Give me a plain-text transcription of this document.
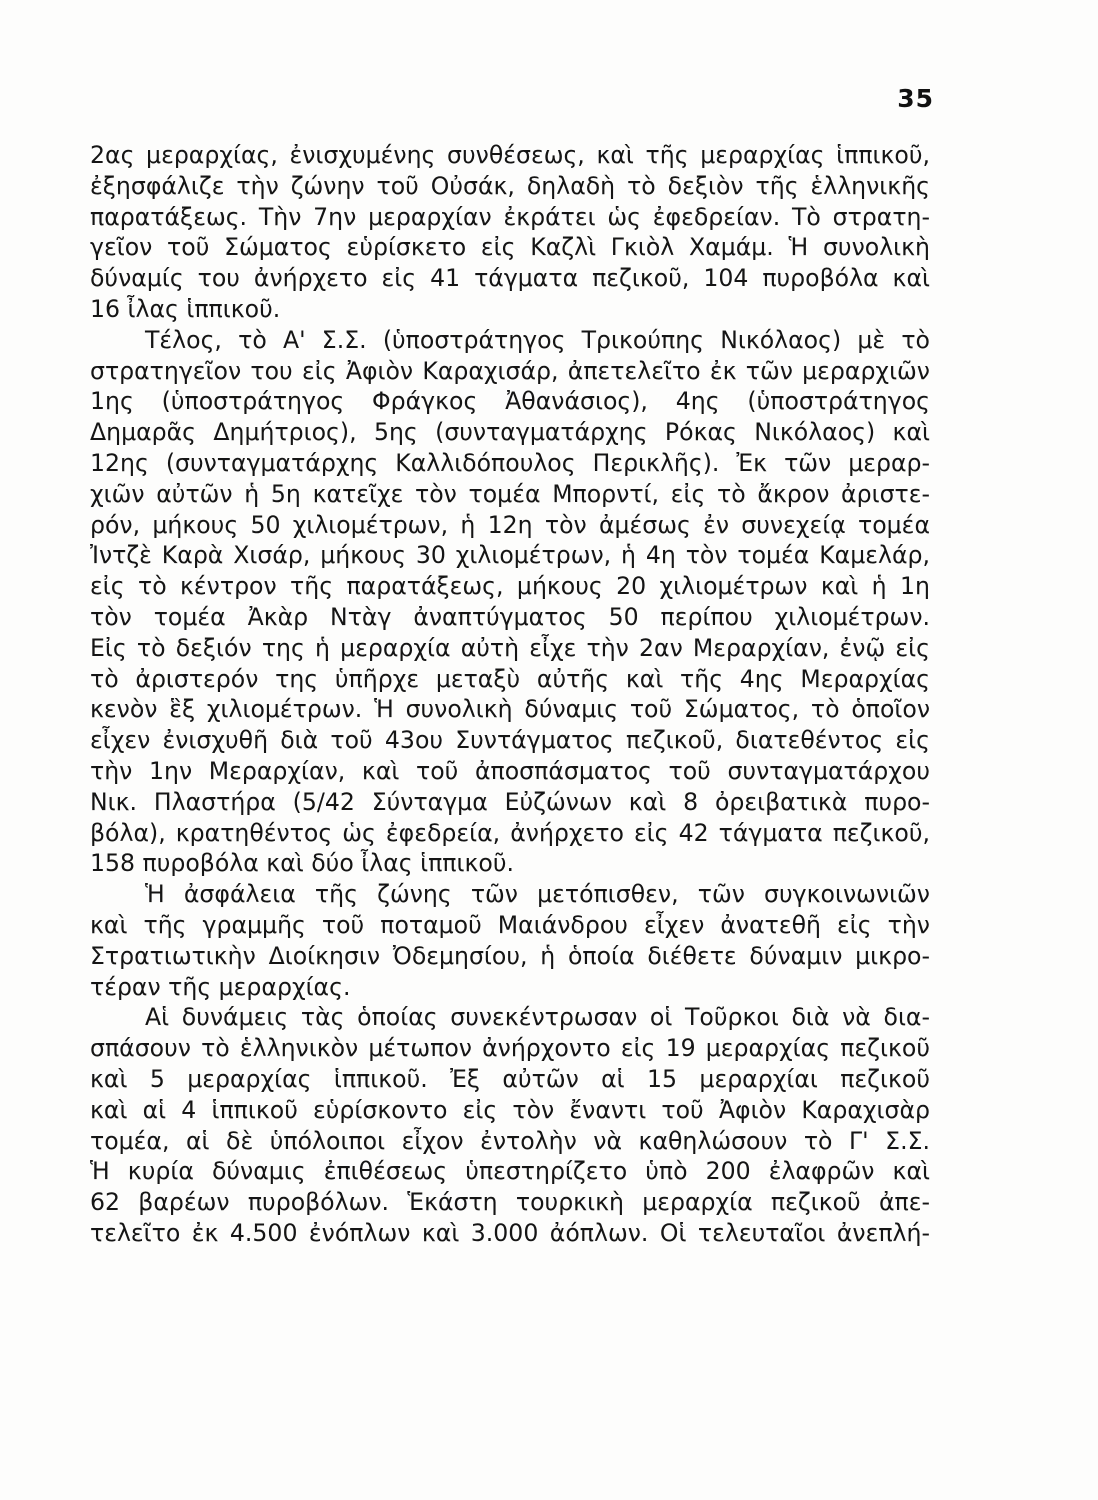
35
2ας μεραρχίας, ἐνισχυμένης συνθέσεως, καὶ τῆς μεραρχίας ἱππικοῦ,
ἐξησφάλιζε τὴν ζώνην τοῦ Οὐσάκ, δηλαδὴ τὸ δεξιὸν τῆς ἑλληνικῆς
παρατάξεως. Τὴν 7ην μεραρχίαν ἐκράτει ὡς ἐφεδρείαν. Τὸ στρατη-
γεῖον τοῦ Σώματος εὑρίσκετο εἰς Καζλὶ Γκιὸλ Χαμάμ. Ἡ συνολικὴ
δύναμίς του ἀνήρχετο εἰς 41 τάγματα πεζικοῦ, 104 πυροβόλα καὶ
16 ἶλας ἱππικοῦ.
Τέλος, τὸ Α' Σ.Σ. (ὑποστράτηγος Τρικούπης Νικόλαος) μὲ τὸ
στρατηγεῖον του εἰς Ἀφιὸν Καραχισάρ, ἀπετελεῖτο ἐκ τῶν μεραρχιῶν
1ης (ὑποστράτηγος Φράγκος Ἀθανάσιος), 4ης (ὑποστράτηγος
Δημαρᾶς Δημήτριος), 5ης (συνταγματάρχης Ρόκας Νικόλαος) καὶ
12ης (συνταγματάρχης Καλλιδόπουλος Περικλῆς). Ἐκ τῶν μεραρ-
χιῶν αὐτῶν ἡ 5η κατεῖχε τὸν τομέα Μπορντί, εἰς τὸ ἄκρον ἀριστε-
ρόν, μήκους 50 χιλιομέτρων, ἡ 12η τὸν ἀμέσως ἐν συνεχείᾳ τομέα
Ἰντζὲ Καρὰ Χισάρ, μήκους 30 χιλιομέτρων, ἡ 4η τὸν τομέα Καμελάρ,
εἰς τὸ κέντρον τῆς παρατάξεως, μήκους 20 χιλιομέτρων καὶ ἡ 1η
τὸν τομέα Ἀκὰρ Ντὰγ ἀναπτύγματος 50 περίπου χιλιομέτρων.
Εἰς τὸ δεξιόν της ἡ μεραρχία αὐτὴ εἶχε τὴν 2αν Μεραρχίαν, ἐνῷ εἰς
τὸ ἀριστερόν της ὑπῆρχε μεταξὺ αὐτῆς καὶ τῆς 4ης Μεραρχίας
κενὸν ἓξ χιλιομέτρων. Ἡ συνολικὴ δύναμις τοῦ Σώματος, τὸ ὁποῖον
εἶχεν ἐνισχυθῆ διὰ τοῦ 43ου Συντάγματος πεζικοῦ, διατεθέντος εἰς
τὴν 1ην Μεραρχίαν, καὶ τοῦ ἀποσπάσματος τοῦ συνταγματάρχου
Νικ. Πλαστήρα (5/42 Σύνταγμα Εὐζώνων καὶ 8 ὀρειβατικὰ πυρο-
βόλα), κρατηθέντος ὡς ἐφεδρεία, ἀνήρχετο εἰς 42 τάγματα πεζικοῦ,
158 πυροβόλα καὶ δύο ἶλας ἱππικοῦ.
Ἡ ἀσφάλεια τῆς ζώνης τῶν μετόπισθεν, τῶν συγκοινωνιῶν
καὶ τῆς γραμμῆς τοῦ ποταμοῦ Μαιάνδρου εἶχεν ἀνατεθῆ εἰς τὴν
Στρατιωτικὴν Διοίκησιν Ὀδεμησίου, ἡ ὁποία διέθετε δύναμιν μικρο-
τέραν τῆς μεραρχίας.
Αἱ δυνάμεις τὰς ὁποίας συνεκέντρωσαν οἱ Τοῦρκοι διὰ νὰ δια-
σπάσουν τὸ ἑλληνικὸν μέτωπον ἀνήρχοντο εἰς 19 μεραρχίας πεζικοῦ
καὶ 5 μεραρχίας ἱππικοῦ. Ἐξ αὐτῶν αἱ 15 μεραρχίαι πεζικοῦ
καὶ αἱ 4 ἱππικοῦ εὑρίσκοντο εἰς τὸν ἔναντι τοῦ Ἀφιὸν Καραχισὰρ
τομέα, αἱ δὲ ὑπόλοιποι εἶχον ἐντολὴν νὰ καθηλώσουν τὸ Γ' Σ.Σ.
Ἡ κυρία δύναμις ἐπιθέσεως ὑπεστηρίζετο ὑπὸ 200 ἐλαφρῶν καὶ
62 βαρέων πυροβόλων. Ἑκάστη τουρκικὴ μεραρχία πεζικοῦ ἀπε-
τελεῖτο ἐκ 4.500 ἐνόπλων καὶ 3.000 ἀόπλων. Οἱ τελευταῖοι ἀνεπλή-
